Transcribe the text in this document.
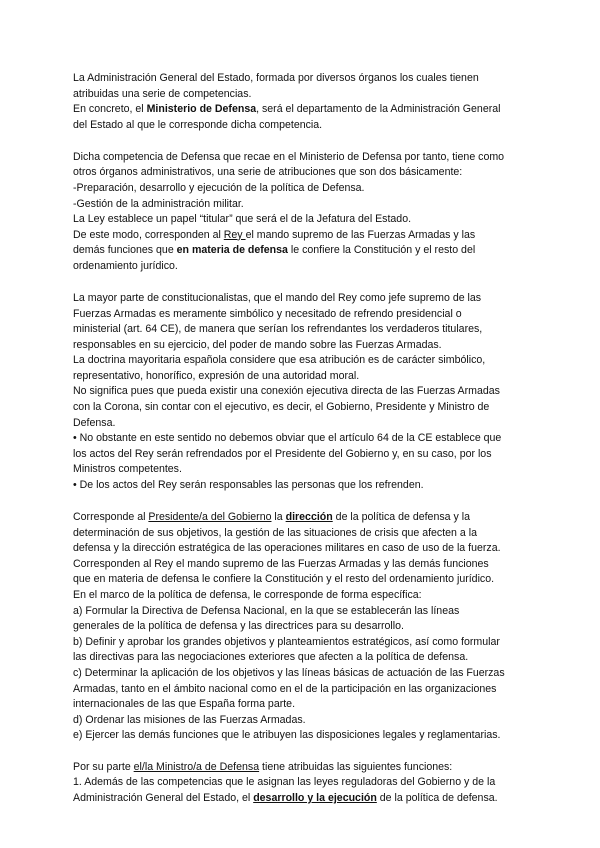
La Administración General del Estado, formada por diversos órganos los cuales tienen
atribuidas una serie de competencias.
En concreto, el Ministerio de Defensa, será el departamento de la Administración General
del Estado al que le corresponde dicha competencia.
Dicha competencia de Defensa que recae en el Ministerio de Defensa por tanto, tiene como
otros órganos administrativos, una serie de atribuciones que son dos básicamente:
-Preparación, desarrollo y ejecución de la política de Defensa.
-Gestión de la administración militar.
La Ley establece un papel “titular” que será el de la Jefatura del Estado.
De este modo, corresponden al Rey el mando supremo de las Fuerzas Armadas y las
demás funciones que en materia de defensa le confiere la Constitución y el resto del
ordenamiento jurídico.
La mayor parte de constitucionalistas, que el mando del Rey como jefe supremo de las
Fuerzas Armadas es meramente simbólico y necesitado de refrendo presidencial o
ministerial (art. 64 CE), de manera que serían los refrendantes los verdaderos titulares,
responsables en su ejercicio, del poder de mando sobre las Fuerzas Armadas.
La doctrina mayoritaria española considere que esa atribución es de carácter simbólico,
representativo, honorífico, expresión de una autoridad moral.
No significa pues que pueda existir una conexión ejecutiva directa de las Fuerzas Armadas
con la Corona, sin contar con el ejecutivo, es decir, el Gobierno, Presidente y Ministro de
Defensa.
• No obstante en este sentido no debemos obviar que el artículo 64 de la CE establece que
los actos del Rey serán refrendados por el Presidente del Gobierno y, en su caso, por los
Ministros competentes.
• De los actos del Rey serán responsables las personas que los refrenden.
Corresponde al Presidente/a del Gobierno la dirección de la política de defensa y la
determinación de sus objetivos, la gestión de las situaciones de crisis que afecten a la
defensa y la dirección estratégica de las operaciones militares en caso de uso de la fuerza.
Corresponden al Rey el mando supremo de las Fuerzas Armadas y las demás funciones
que en materia de defensa le confiere la Constitución y el resto del ordenamiento jurídico.
En el marco de la política de defensa, le corresponde de forma específica:
a) Formular la Directiva de Defensa Nacional, en la que se establecerán las líneas
generales de la política de defensa y las directrices para su desarrollo.
b) Definir y aprobar los grandes objetivos y planteamientos estratégicos, así como formular
las directivas para las negociaciones exteriores que afecten a la política de defensa.
c) Determinar la aplicación de los objetivos y las líneas básicas de actuación de las Fuerzas
Armadas, tanto en el ámbito nacional como en el de la participación en las organizaciones
internacionales de las que España forma parte.
d) Ordenar las misiones de las Fuerzas Armadas.
e) Ejercer las demás funciones que le atribuyen las disposiciones legales y reglamentarias.
Por su parte el/la Ministro/a de Defensa tiene atribuidas las siguientes funciones:
1. Además de las competencias que le asignan las leyes reguladoras del Gobierno y de la
Administración General del Estado, el desarrollo y la ejecución de la política de defensa.
